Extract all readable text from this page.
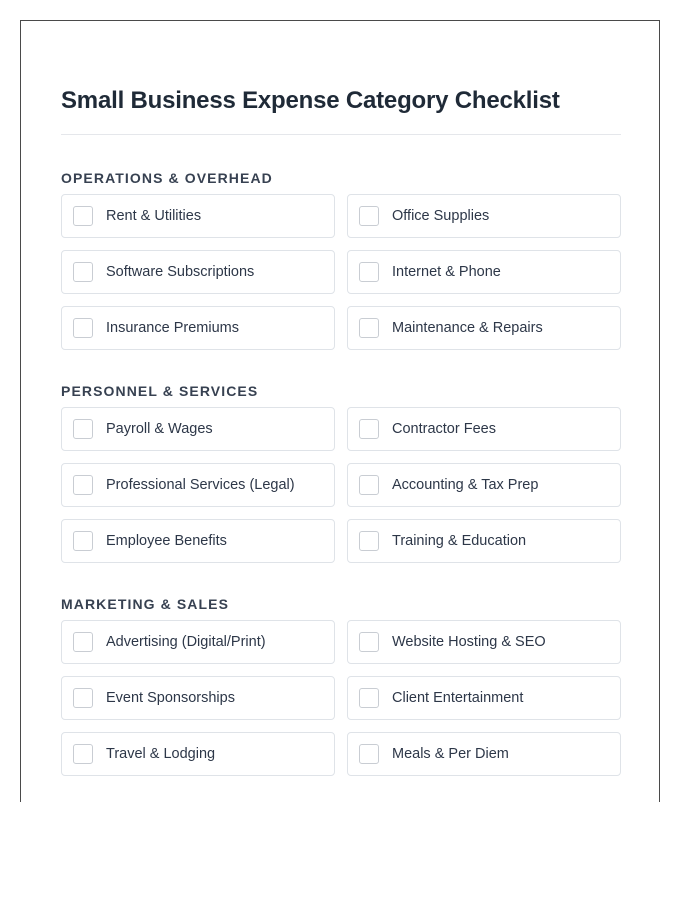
Small Business Expense Category Checklist
OPERATIONS & OVERHEAD
Rent & Utilities	Office Supplies
Software Subscriptions	Internet & Phone
Insurance Premiums	Maintenance & Repairs
PERSONNEL & SERVICES
Payroll & Wages	Contractor Fees
Professional Services (Legal)	Accounting & Tax Prep
Employee Benefits	Training & Education
MARKETING & SALES
Advertising (Digital/Print)	Website Hosting & SEO
Event Sponsorships	Client Entertainment
Travel & Lodging	Meals & Per Diem
